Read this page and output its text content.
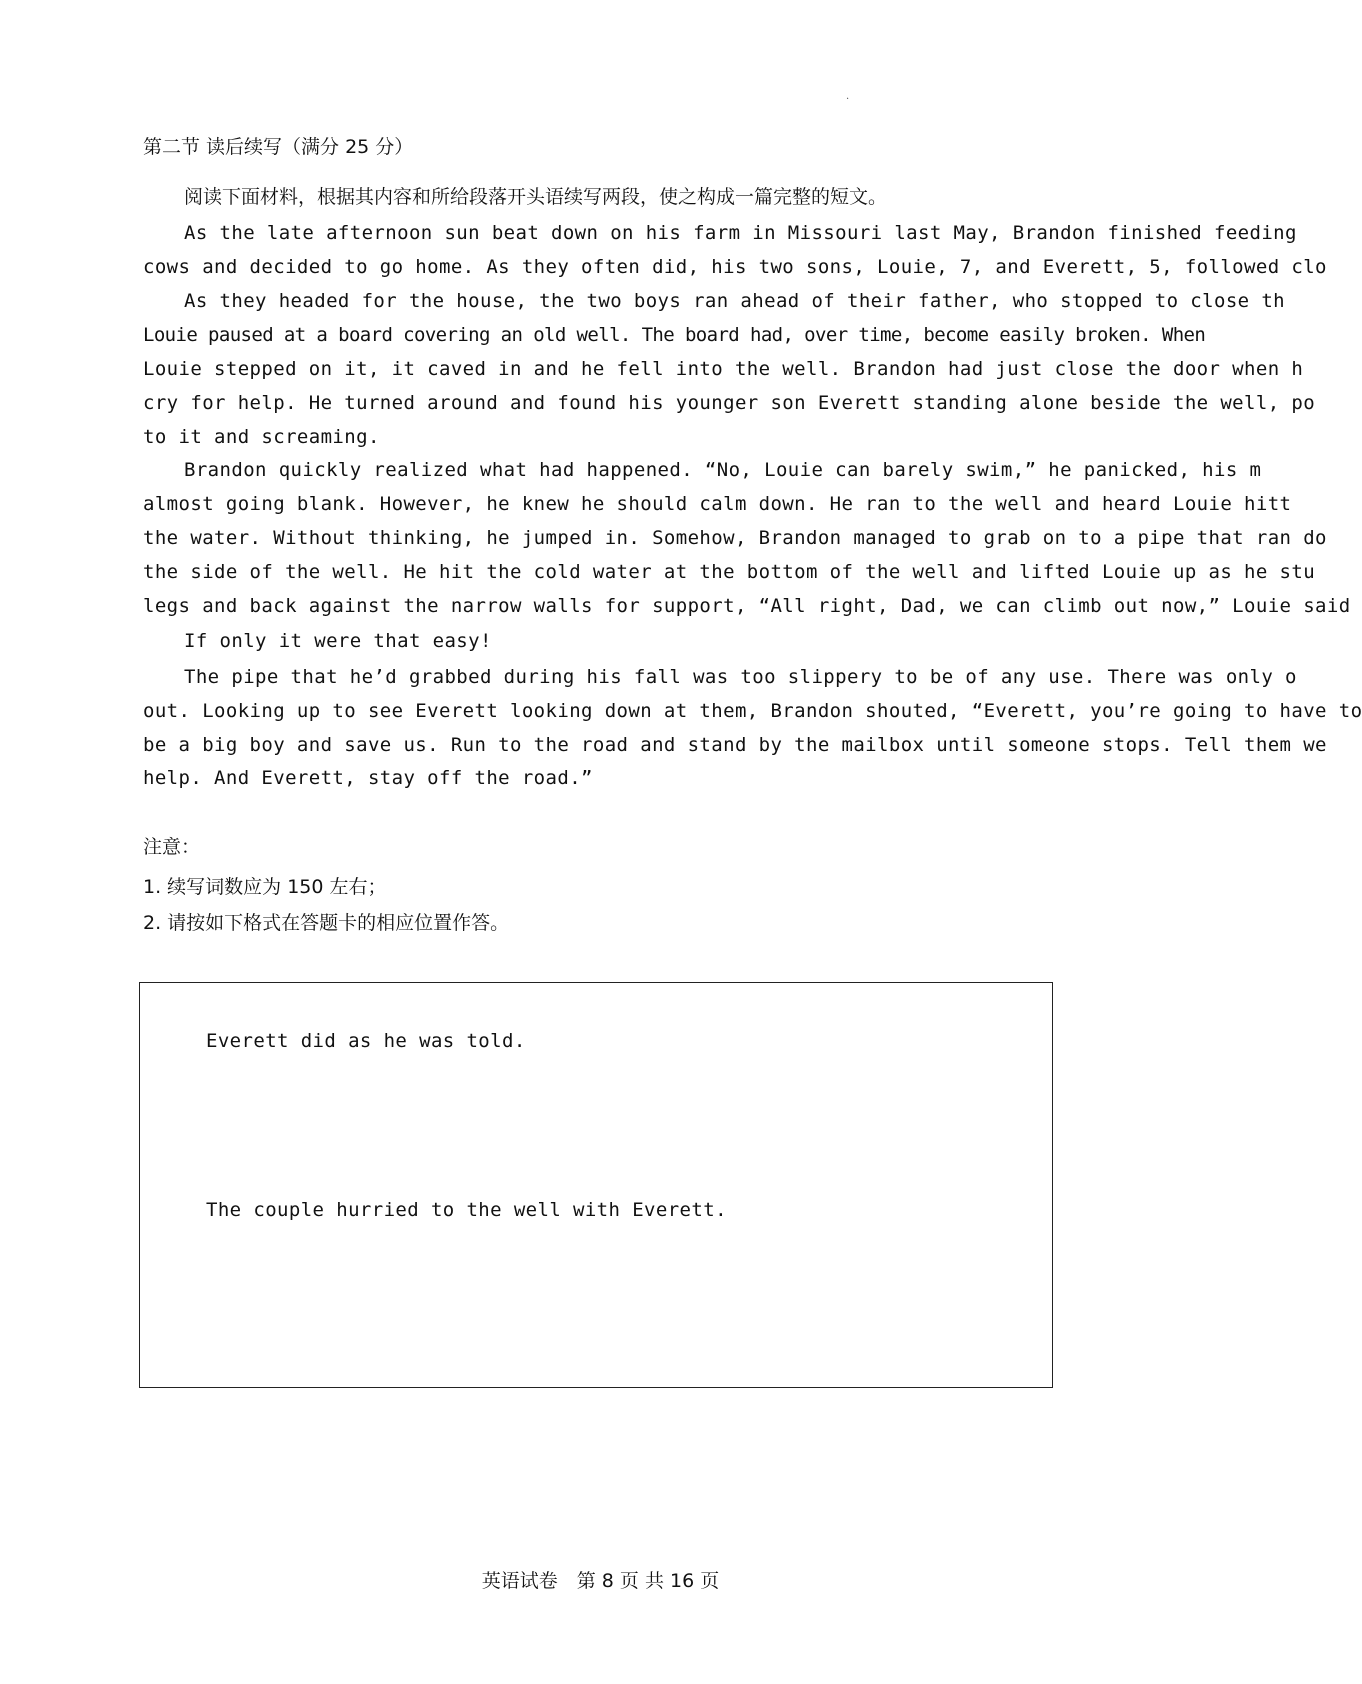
.
第二节 读后续写（满分 25 分）
阅读下面材料，根据其内容和所给段落开头语续写两段，使之构成一篇完整的短文。
As the late afternoon sun beat down on his farm in Missouri last May, Brandon finished feeding
cows and decided to go home. As they often did, his two sons, Louie, 7, and Everett, 5, followed clo
As they headed for the house, the two boys ran ahead of their father, who stopped to close th
Louie paused at a board covering an old well. The board had, over time, become easily broken. When
Louie stepped on it, it caved in and he fell into the well. Brandon had just close the door when h
cry for help. He turned around and found his younger son Everett standing alone beside the well, po
to it and screaming.
Brandon quickly realized what had happened. “No, Louie can barely swim,” he panicked, his m
almost going blank. However, he knew he should calm down. He ran to the well and heard Louie hitt
the water. Without thinking, he jumped in. Somehow, Brandon managed to grab on to a pipe that ran do
the side of the well. He hit the cold water at the bottom of the well and lifted Louie up as he stu
legs and back against the narrow walls for support, “All right, Dad, we can climb out now,” Louie said
If only it were that easy!
The pipe that he’d grabbed during his fall was too slippery to be of any use. There was only o
out. Looking up to see Everett looking down at them, Brandon shouted, “Everett, you’re going to have to
be a big boy and save us. Run to the road and stand by the mailbox until someone stops. Tell them we
help. And Everett, stay off the road.”
注意：
1. 续写词数应为 150 左右；
2. 请按如下格式在答题卡的相应位置作答。
Everett did as he was told.
The couple hurried to the well with Everett.
英语试卷　第 8 页 共 16 页
